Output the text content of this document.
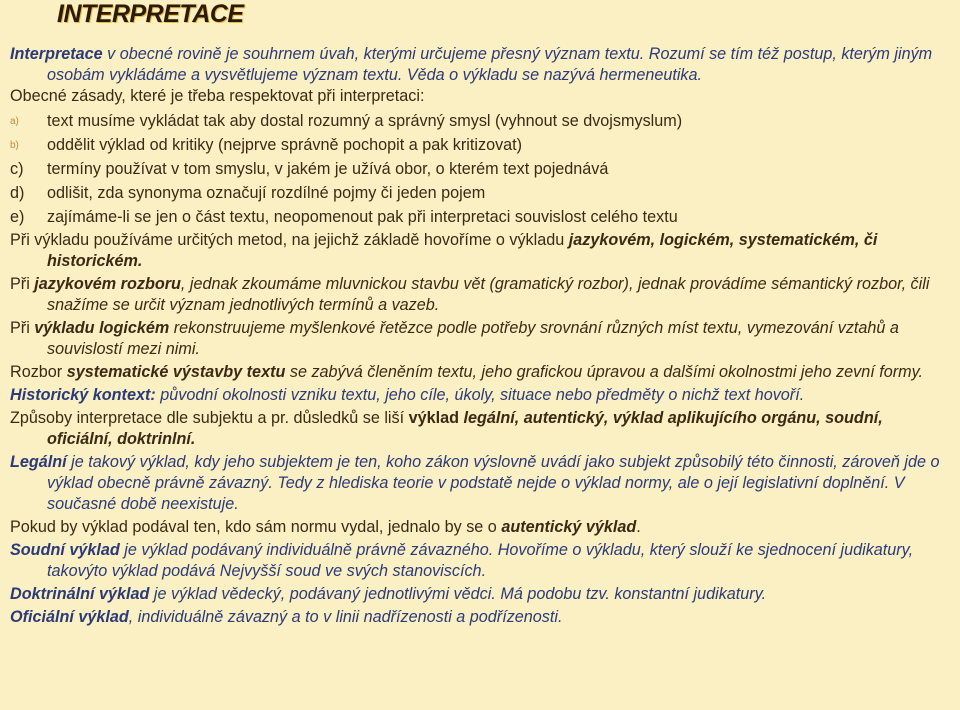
INTERPRETACE

Interpretace v obecné rovině je souhrnem úvah, kterými určujeme přesný význam textu. Rozumí se tím též postup, kterým jiným osobám vykládáme a vysvětlujeme význam textu. Věda o výkladu se nazývá hermeneutika.

Obecné zásady, které je třeba respektovat při interpretaci:

a) text musíme vykládat tak aby dostal rozumný a správný smysl (vyhnout se dvojsmyslum)
b) oddělit výklad od kritiky (nejprve správně pochopit a pak kritizovat)
c) termíny používat v tom smyslu, v jakém je užívá obor, o kterém text pojednává
d) odlišit, zda synonyma označují rozdílné pojmy či jeden pojem
e) zajímáme-li se jen o část textu, neopomenout pak při interpretaci souvislost celého textu

Při výkladu používáme určitých metod, na jejichž základě hovoříme o výkladu jazykovém, logickém, systematickém, či historickém.

Při jazykovém rozboru, jednak zkoumáme mluvnickou stavbu vět (gramatický rozbor), jednak provádíme sémantický rozbor, čili snažíme se určit význam jednotlivých termínů a vazeb.

Při výkladu logickém rekonstruujeme myšlenkové řetězce podle potřeby srovnání různých míst textu, vymezování vztahů a souvislostí mezi nimi.

Rozbor systematické výstavby textu se zabývá členěním textu, jeho grafickou úpravou a dalšími okolnostmi jeho zevní formy.

Historický kontext: původní okolnosti vzniku textu, jeho cíle, úkoly, situace nebo předměty o nichž text hovoří.

Způsoby interpretace dle subjektu a pr. důsledků se liší výklad legální, autentický, výklad aplikujícího orgánu, soudní, oficiální, doktrinlní.

Legální je takový výklad, kdy jeho subjektem je ten, koho zákon výslovně uvádí jako subjekt způsobilý této činnosti, zároveň jde o výklad obecně právně závazný. Tedy z hlediska teorie v podstatě nejde o výklad normy, ale o její legislativní doplnění. V současné době neexistuje.

Pokud by výklad podával ten, kdo sám normu vydal, jednalo by se o autentický výklad.

Soudní výklad je výklad podávaný individuálně právně závazného. Hovoříme o výkladu, který slouží ke sjednocení judikatury, takovýto výklad podává Nejvyšší soud ve svých stanoviscích.

Doktrinální výklad je výklad vědecký, podávaný jednotlivými vědci. Má podobu tzv. konstantní judikatury.

Oficiální výklad, individuálně závazný a to v linii nadřízenosti a podřízenosti.
